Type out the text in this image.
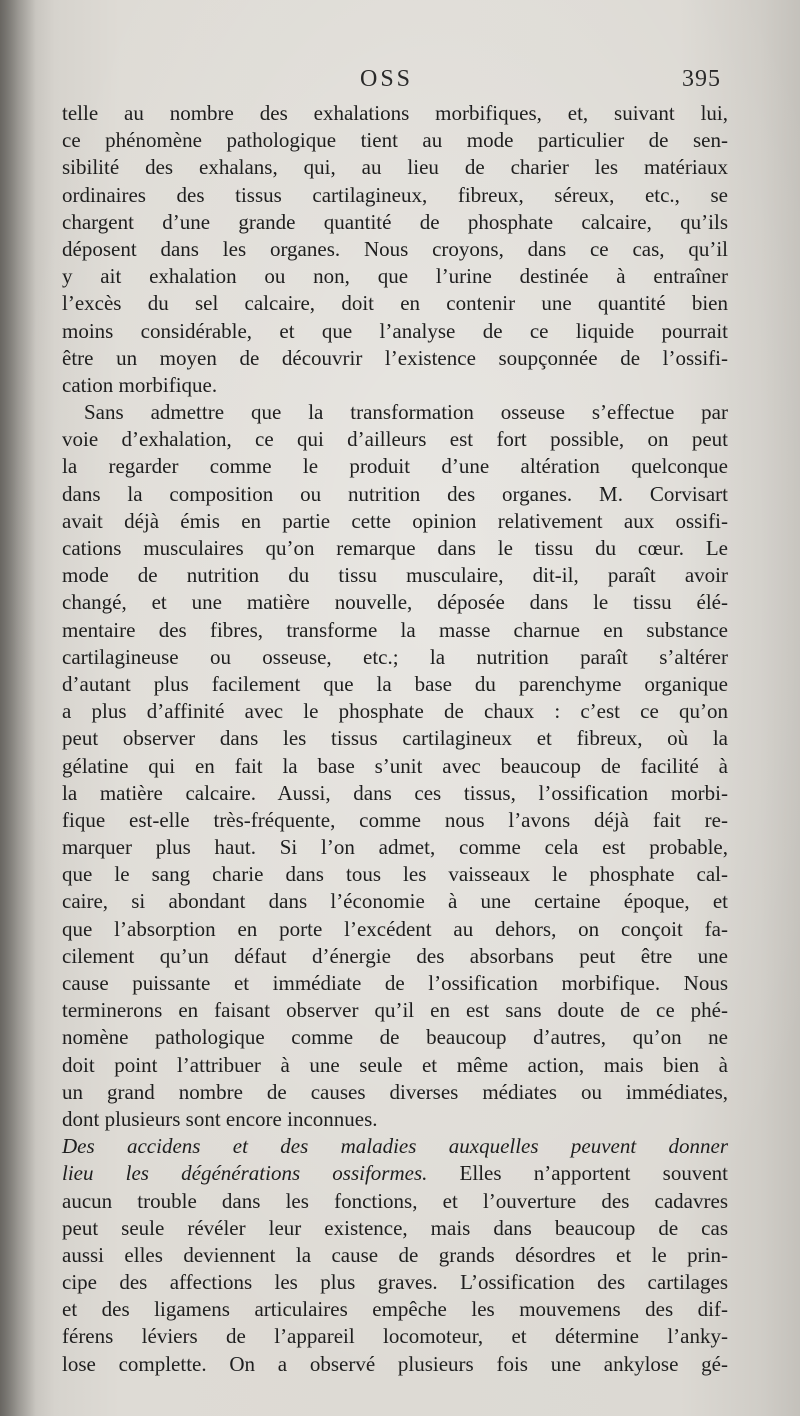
OSS	395
telle au nombre des exhalations morbifiques, et, suivant lui,
ce phénomène pathologique tient au mode particulier de sen-
sibilité des exhalans, qui, au lieu de charier les matériaux
ordinaires des tissus cartilagineux, fibreux, séreux, etc., se
chargent d’une grande quantité de phosphate calcaire, qu’ils
déposent dans les organes. Nous croyons, dans ce cas, qu’il
y ait exhalation ou non, que l’urine destinée à entraîner
l’excès du sel calcaire, doit en contenir une quantité bien
moins considérable, et que l’analyse de ce liquide pourrait
être un moyen de découvrir l’existence soupçonnée de l’ossifi-
cation morbifique.
Sans admettre que la transformation osseuse s’effectue par
voie d’exhalation, ce qui d’ailleurs est fort possible, on peut
la regarder comme le produit d’une altération quelconque
dans la composition ou nutrition des organes. M. Corvisart
avait déjà émis en partie cette opinion relativement aux ossifi-
cations musculaires qu’on remarque dans le tissu du cœur. Le
mode de nutrition du tissu musculaire, dit-il, paraît avoir
changé, et une matière nouvelle, déposée dans le tissu élé-
mentaire des fibres, transforme la masse charnue en substance
cartilagineuse ou osseuse, etc.; la nutrition paraît s’altérer
d’autant plus facilement que la base du parenchyme organique
a plus d’affinité avec le phosphate de chaux : c’est ce qu’on
peut observer dans les tissus cartilagineux et fibreux, où la
gélatine qui en fait la base s’unit avec beaucoup de facilité à
la matière calcaire. Aussi, dans ces tissus, l’ossification morbi-
fique est-elle très-fréquente, comme nous l’avons déjà fait re-
marquer plus haut. Si l’on admet, comme cela est probable,
que le sang charie dans tous les vaisseaux le phosphate cal-
caire, si abondant dans l’économie à une certaine époque, et
que l’absorption en porte l’excédent au dehors, on conçoit fa-
cilement qu’un défaut d’énergie des absorbans peut être une
cause puissante et immédiate de l’ossification morbifique. Nous
terminerons en faisant observer qu’il en est sans doute de ce phé-
nomène pathologique comme de beaucoup d’autres, qu’on ne
doit point l’attribuer à une seule et même action, mais bien à
un grand nombre de causes diverses médiates ou immédiates,
dont plusieurs sont encore inconnues.
Des accidens et des maladies auxquelles peuvent donner
lieu les dégénérations ossiformes. Elles n’apportent souvent
aucun trouble dans les fonctions, et l’ouverture des cadavres
peut seule révéler leur existence, mais dans beaucoup de cas
aussi elles deviennent la cause de grands désordres et le prin-
cipe des affections les plus graves. L’ossification des cartilages
et des ligamens articulaires empêche les mouvemens des dif-
férens léviers de l’appareil locomoteur, et détermine l’anky-
lose complette. On a observé plusieurs fois une ankylose gé-
